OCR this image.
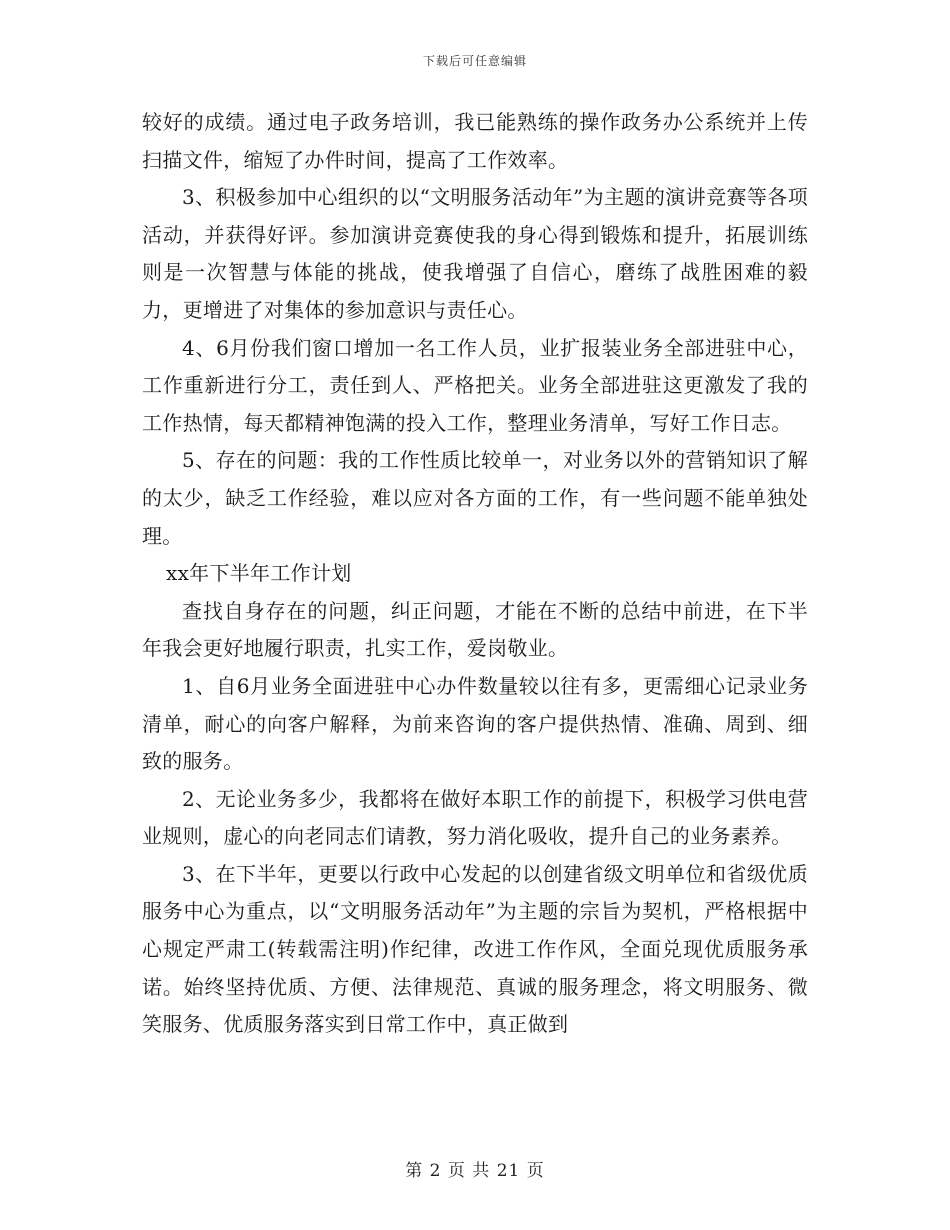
下载后可任意编辑

较好的成绩。通过电子政务培训，我已能熟练的操作政务办公系统并上传扫描文件，缩短了办件时间，提高了工作效率。

3、积极参加中心组织的以“文明服务活动年”为主题的演讲竞赛等各项活动，并获得好评。参加演讲竞赛使我的身心得到锻炼和提升，拓展训练则是一次智慧与体能的挑战，使我增强了自信心，磨练了战胜困难的毅力，更增进了对集体的参加意识与责任心。

4、6月份我们窗口增加一名工作人员，业扩报装业务全部进驻中心，工作重新进行分工，责任到人、严格把关。业务全部进驻这更激发了我的工作热情，每天都精神饱满的投入工作，整理业务清单，写好工作日志。

5、存在的问题：我的工作性质比较单一，对业务以外的营销知识了解的太少，缺乏工作经验，难以应对各方面的工作，有一些问题不能单独处理。

xx年下半年工作计划

查找自身存在的问题，纠正问题，才能在不断的总结中前进，在下半年我会更好地履行职责，扎实工作，爱岗敬业。

1、自6月业务全面进驻中心办件数量较以往有多，更需细心记录业务清单，耐心的向客户解释，为前来咨询的客户提供热情、准确、周到、细致的服务。

2、无论业务多少，我都将在做好本职工作的前提下，积极学习供电营业规则，虚心的向老同志们请教，努力消化吸收，提升自己的业务素养。

3、在下半年，更要以行政中心发起的以创建省级文明单位和省级优质服务中心为重点，以“文明服务活动年”为主题的宗旨为契机，严格根据中心规定严肃工(转载需注明)作纪律，改进工作作风，全面兑现优质服务承诺。始终坚持优质、方便、法律规范、真诚的服务理念，将文明服务、微笑服务、优质服务落实到日常工作中，真正做到

第 2 页 共 21 页
